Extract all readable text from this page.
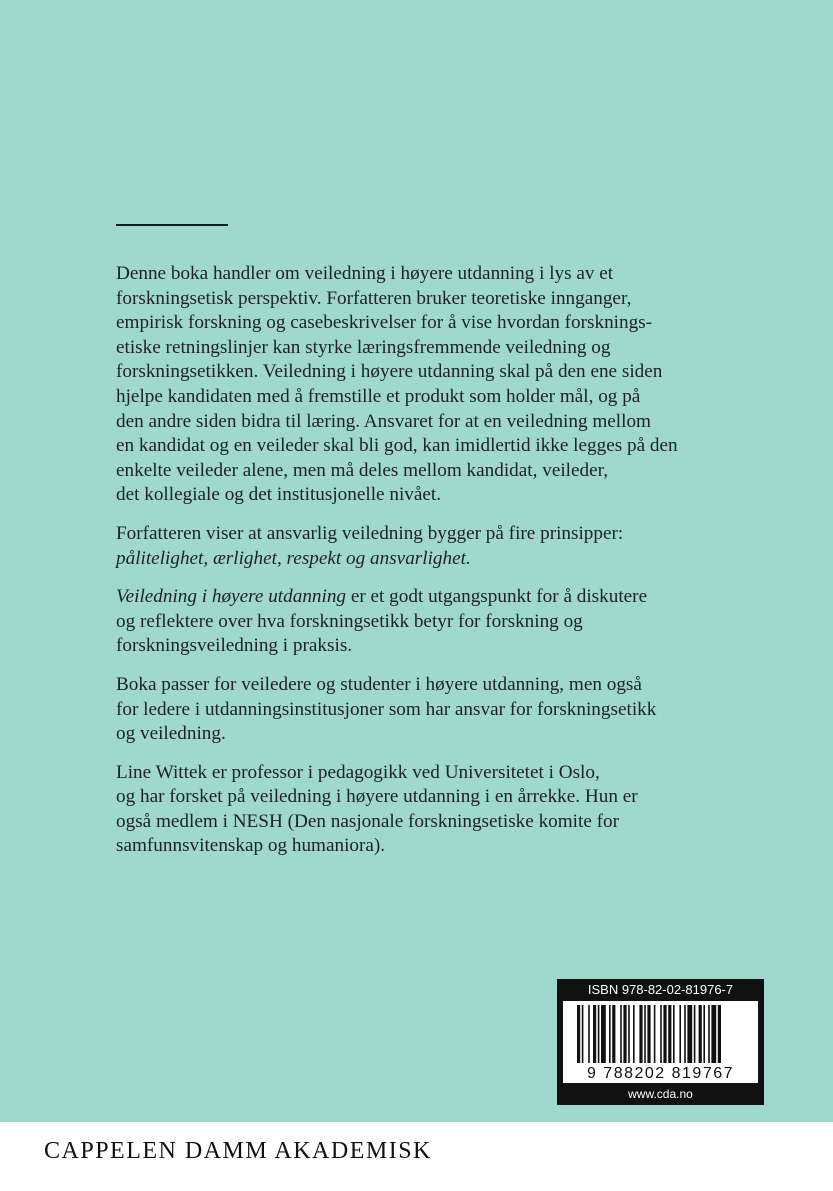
Denne boka handler om veiledning i høyere utdanning i lys av et
forskningsetisk perspektiv. Forfatteren bruker teoretiske innganger,
empirisk forskning og casebeskrivelser for å vise hvordan forsknings-
etiske retningslinjer kan styrke læringsfremmende veiledning og
forskningsetikken. Veiledning i høyere utdanning skal på den ene siden
hjelpe kandidaten med å fremstille et produkt som holder mål, og på
den andre siden bidra til læring. Ansvaret for at en veiledning mellom
en kandidat og en veileder skal bli god, kan imidlertid ikke legges på den
enkelte veileder alene, men må deles mellom kandidat, veileder,
det kollegiale og det institusjonelle nivået.

Forfatteren viser at ansvarlig veiledning bygger på fire prinsipper:
pålitelighet, ærlighet, respekt og ansvarlighet.

Veiledning i høyere utdanning er et godt utgangspunkt for å diskutere
og reflektere over hva forskningsetikk betyr for forskning og
forskningsveiledning i praksis.

Boka passer for veiledere og studenter i høyere utdanning, men også
for ledere i utdanningsinstitusjoner som har ansvar for forskningsetikk
og veiledning.

Line Wittek er professor i pedagogikk ved Universitetet i Oslo,
og har forsket på veiledning i høyere utdanning i en årrekke. Hun er
også medlem i NESH (Den nasjonale forskningsetiske komite for
samfunnsvitenskap og humaniora).

ISBN 978-82-02-81976-7
9 788202 819767
www.cda.no
CAPPELEN DAMM AKADEMISK
